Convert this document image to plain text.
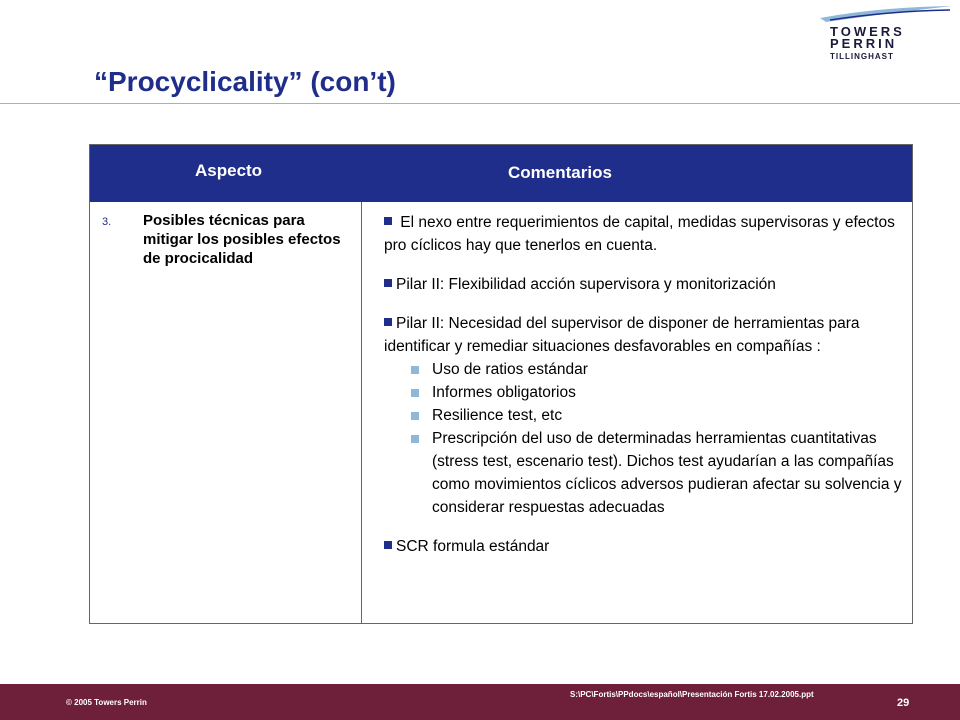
“Procyclicality” (con’t)
TOWERS
PERRIN
TILLINGHAST
Aspecto	Comentarios
3. Posibles técnicas para mitigar los posibles efectos de procicalidad

El nexo entre requerimientos de capital, medidas supervisoras y efectos pro cíclicos hay que tenerlos en cuenta.

Pilar II: Flexibilidad acción supervisora y monitorización

Pilar II: Necesidad del supervisor de disponer de herramientas para identificar y remediar situaciones desfavorables en compañías :

Uso de ratios estándar

Informes obligatorios

Resilience test, etc

Prescripción del uso de determinadas herramientas cuantitativas (stress test, escenario test). Dichos test ayudarían a las compañías como movimientos cíclicos adversos pudieran afectar su solvencia y considerar respuestas adecuadas

SCR formula estándar

© 2005 Towers Perrin
S:\PC\Fortis\PPdocs\español\Presentación Fortis 17.02.2005.ppt
29
